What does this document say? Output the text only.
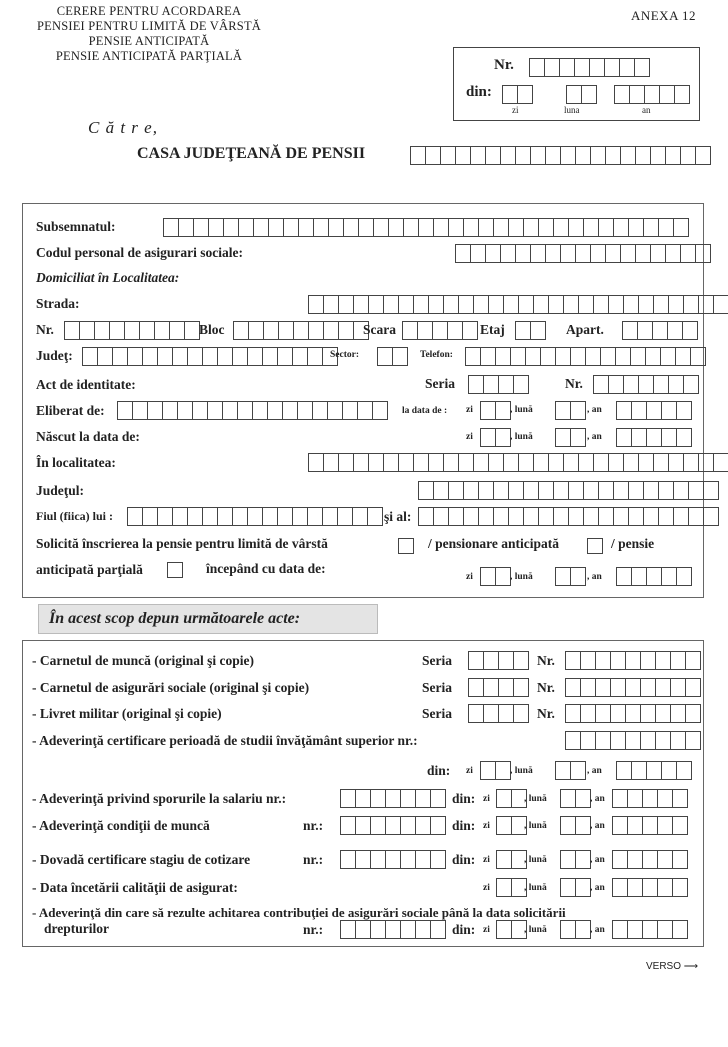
CERERE PENTRU ACORDAREA
PENSIEI PENTRU LIMITĂ DE VÂRSTĂ
PENSIE ANTICIPATĂ
PENSIE ANTICIPATĂ PARŢIALĂ
ANEXA 12
Nr.
din:
zi	luna	an
C ă t r e,
CASA JUDEŢEANĂ DE PENSII
Subsemnatul:
Codul personal de asigurari sociale:
Domiciliat în Localitatea:
Strada:
Nr.	Bloc	Scara	Etaj	Apart.
Judeţ:	Sector:	Telefon:
Act de identitate:	Seria	Nr.
Eliberat de:	la data de : zi	, lună	, an
Născut la data de:	zi	, lună	, an
În localitatea:
Judeţul:
Fiul (fiica) lui :	şi al:
Solicită înscrierea la pensie pentru limită de vârstă	/ pensionare anticipată	/ pensie
anticipată parţială	începând cu data de:
zi	, lună	, an
În acest scop depun următoarele acte:
- Carnetul de muncă (original şi copie)	Seria	Nr.
- Carnetul de asigurări sociale (original şi copie)	Seria	Nr.
- Livret militar (original şi copie)	Seria	Nr.
- Adeverinţă certificare perioadă de studii învăţământ superior nr.:
din: zi	, lună	, an
- Adeverinţă privind sporurile la salariu nr.:	din: zi	, lună	, an
- Adeverinţă condiţii de muncă	nr.:	din: zi	, lună	, an
- Dovadă certificare stagiu de cotizare	nr.:	din: zi	, lună	, an
- Data încetării calităţii de asigurat:	zi	, lună	, an
- Adeverinţă din care să rezulte achitarea contribuţiei de asigurări sociale până la data solicitării
drepturilor	nr.:	din: zi	, lună	, an
VERSO ⟶
